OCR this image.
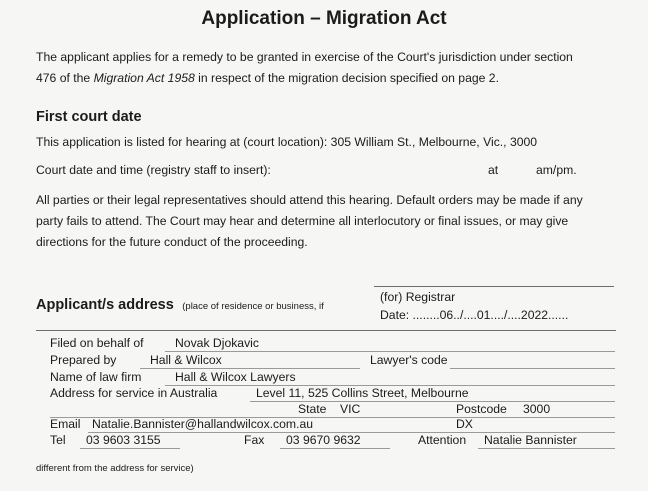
Application – Migration Act
The applicant applies for a remedy to be granted in exercise of the Court's jurisdiction under section
476 of the Migration Act 1958 in respect of the migration decision specified on page 2.
First court date
This application is listed for hearing at (court location): 305 William St., Melbourne, Vic., 3000
Court date and time (registry staff to insert):	at	am/pm.
All parties or their legal representatives should attend this hearing. Default orders may be made if any
party fails to attend. The Court may hear and determine all interlocutory or final issues, or may give
directions for the future conduct of the proceeding.
(for) Registrar
Date: ........06../....01..../....2022......
Applicant/s address (place of residence or business, if
Filed on behalf of	Novak Djokavic
Prepared by	Hall & Wilcox	Lawyer's code
Name of law firm	Hall & Wilcox Lawyers
Address for service in Australia	Level 11, 525 Collins Street, Melbourne
State VIC	Postcode 3000
Email Natalie.Bannister@hallandwilcox.com.au	DX
Tel 03 9603 3155	Fax 03 9670 9632	Attention Natalie Bannister
different from the address for service)
